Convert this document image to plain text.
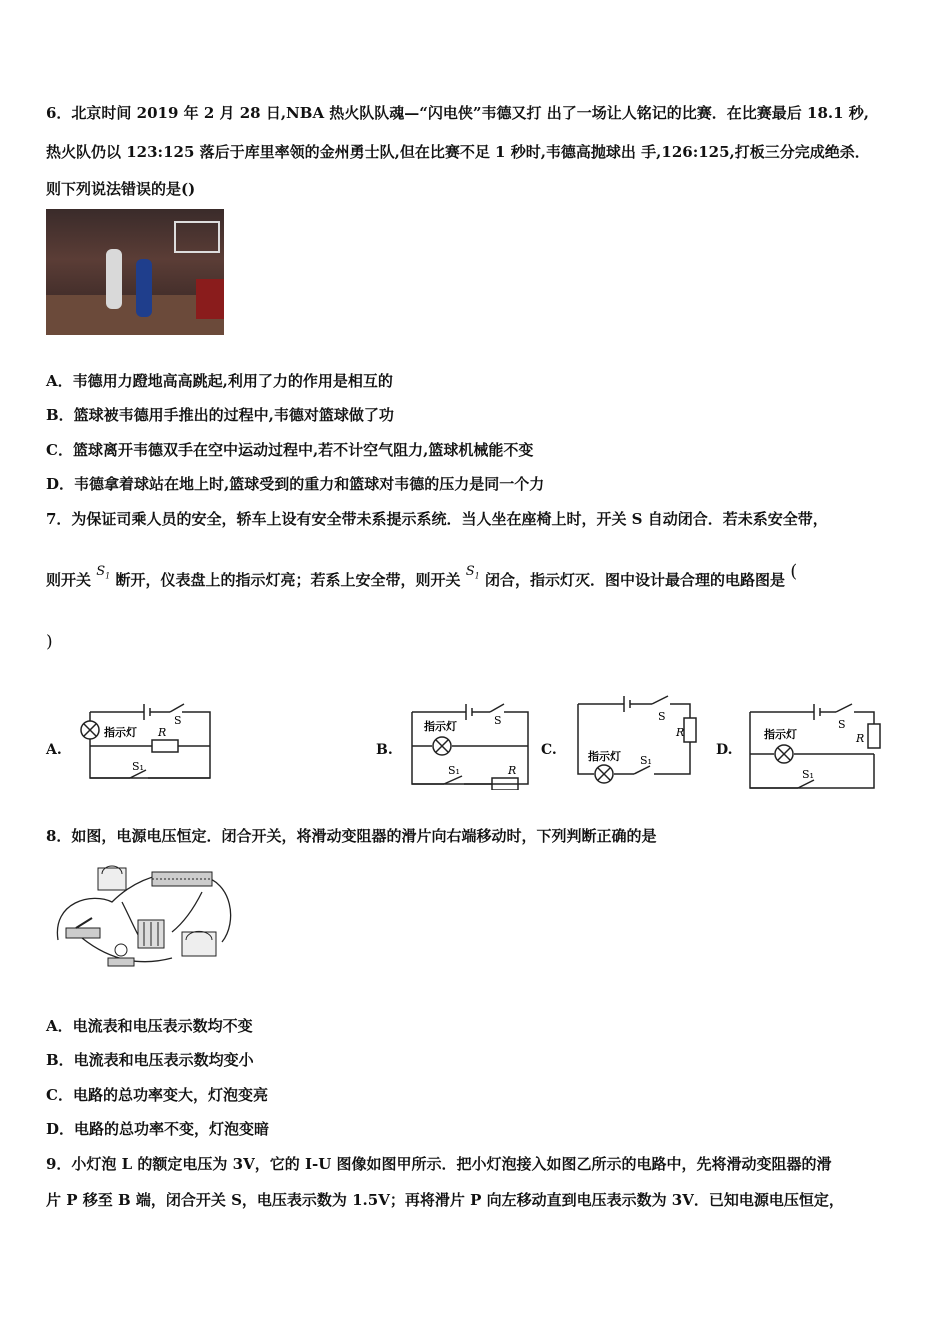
6．北京时间 2019 年 2 月 28 日,NBA 热火队队魂—“闪电侠”韦德又打 出了一场让人铭记的比赛．在比赛最后 18.1 秒,
热火队仍以 123:125 落后于库里率领的金州勇士队,但在比赛不足 1 秒时,韦德高抛球出 手,126:125,打板三分完成绝杀．
则下列说法错误的是()
A．韦德用力蹬地高高跳起,利用了力的作用是相互的
B．篮球被韦德用手推出的过程中,韦德对篮球做了功
C．篮球离开韦德双手在空中运动过程中,若不计空气阻力,篮球机械能不变
D．韦德拿着球站在地上时,篮球受到的重力和篮球对韦德的压力是同一个力
7．为保证司乘人员的安全，轿车上设有安全带未系提示系统．当人坐在座椅上时，开关 S 自动闭合．若未系安全带，
则开关 $S_1$ 断开，仪表盘上的指示灯亮；若系上安全带，则开关 $S_1$ 闭合，指示灯灭．图中设计最合理的电路图是 (
)
A.
指示灯 R
S
S₁
B.
指示灯
R
S
S₁
C.	指示灯
R
S
S₁
D.
指示灯	R
S
S₁
8．如图，电源电压恒定．闭合开关，将滑动变阻器的滑片向右端移动时，下列判断正确的是
A．电流表和电压表示数均不变
B．电流表和电压表示数均变小
C．电路的总功率变大，灯泡变亮
D．电路的总功率不变，灯泡变暗
9．小灯泡 L 的额定电压为 3V，它的 I-U 图像如图甲所示．把小灯泡接入如图乙所示的电路中，先将滑动变阻器的滑
片 P 移至 B 端，闭合开关 S，电压表示数为 1.5V；再将滑片 P 向左移动直到电压表示数为 3V．已知电源电压恒定，
